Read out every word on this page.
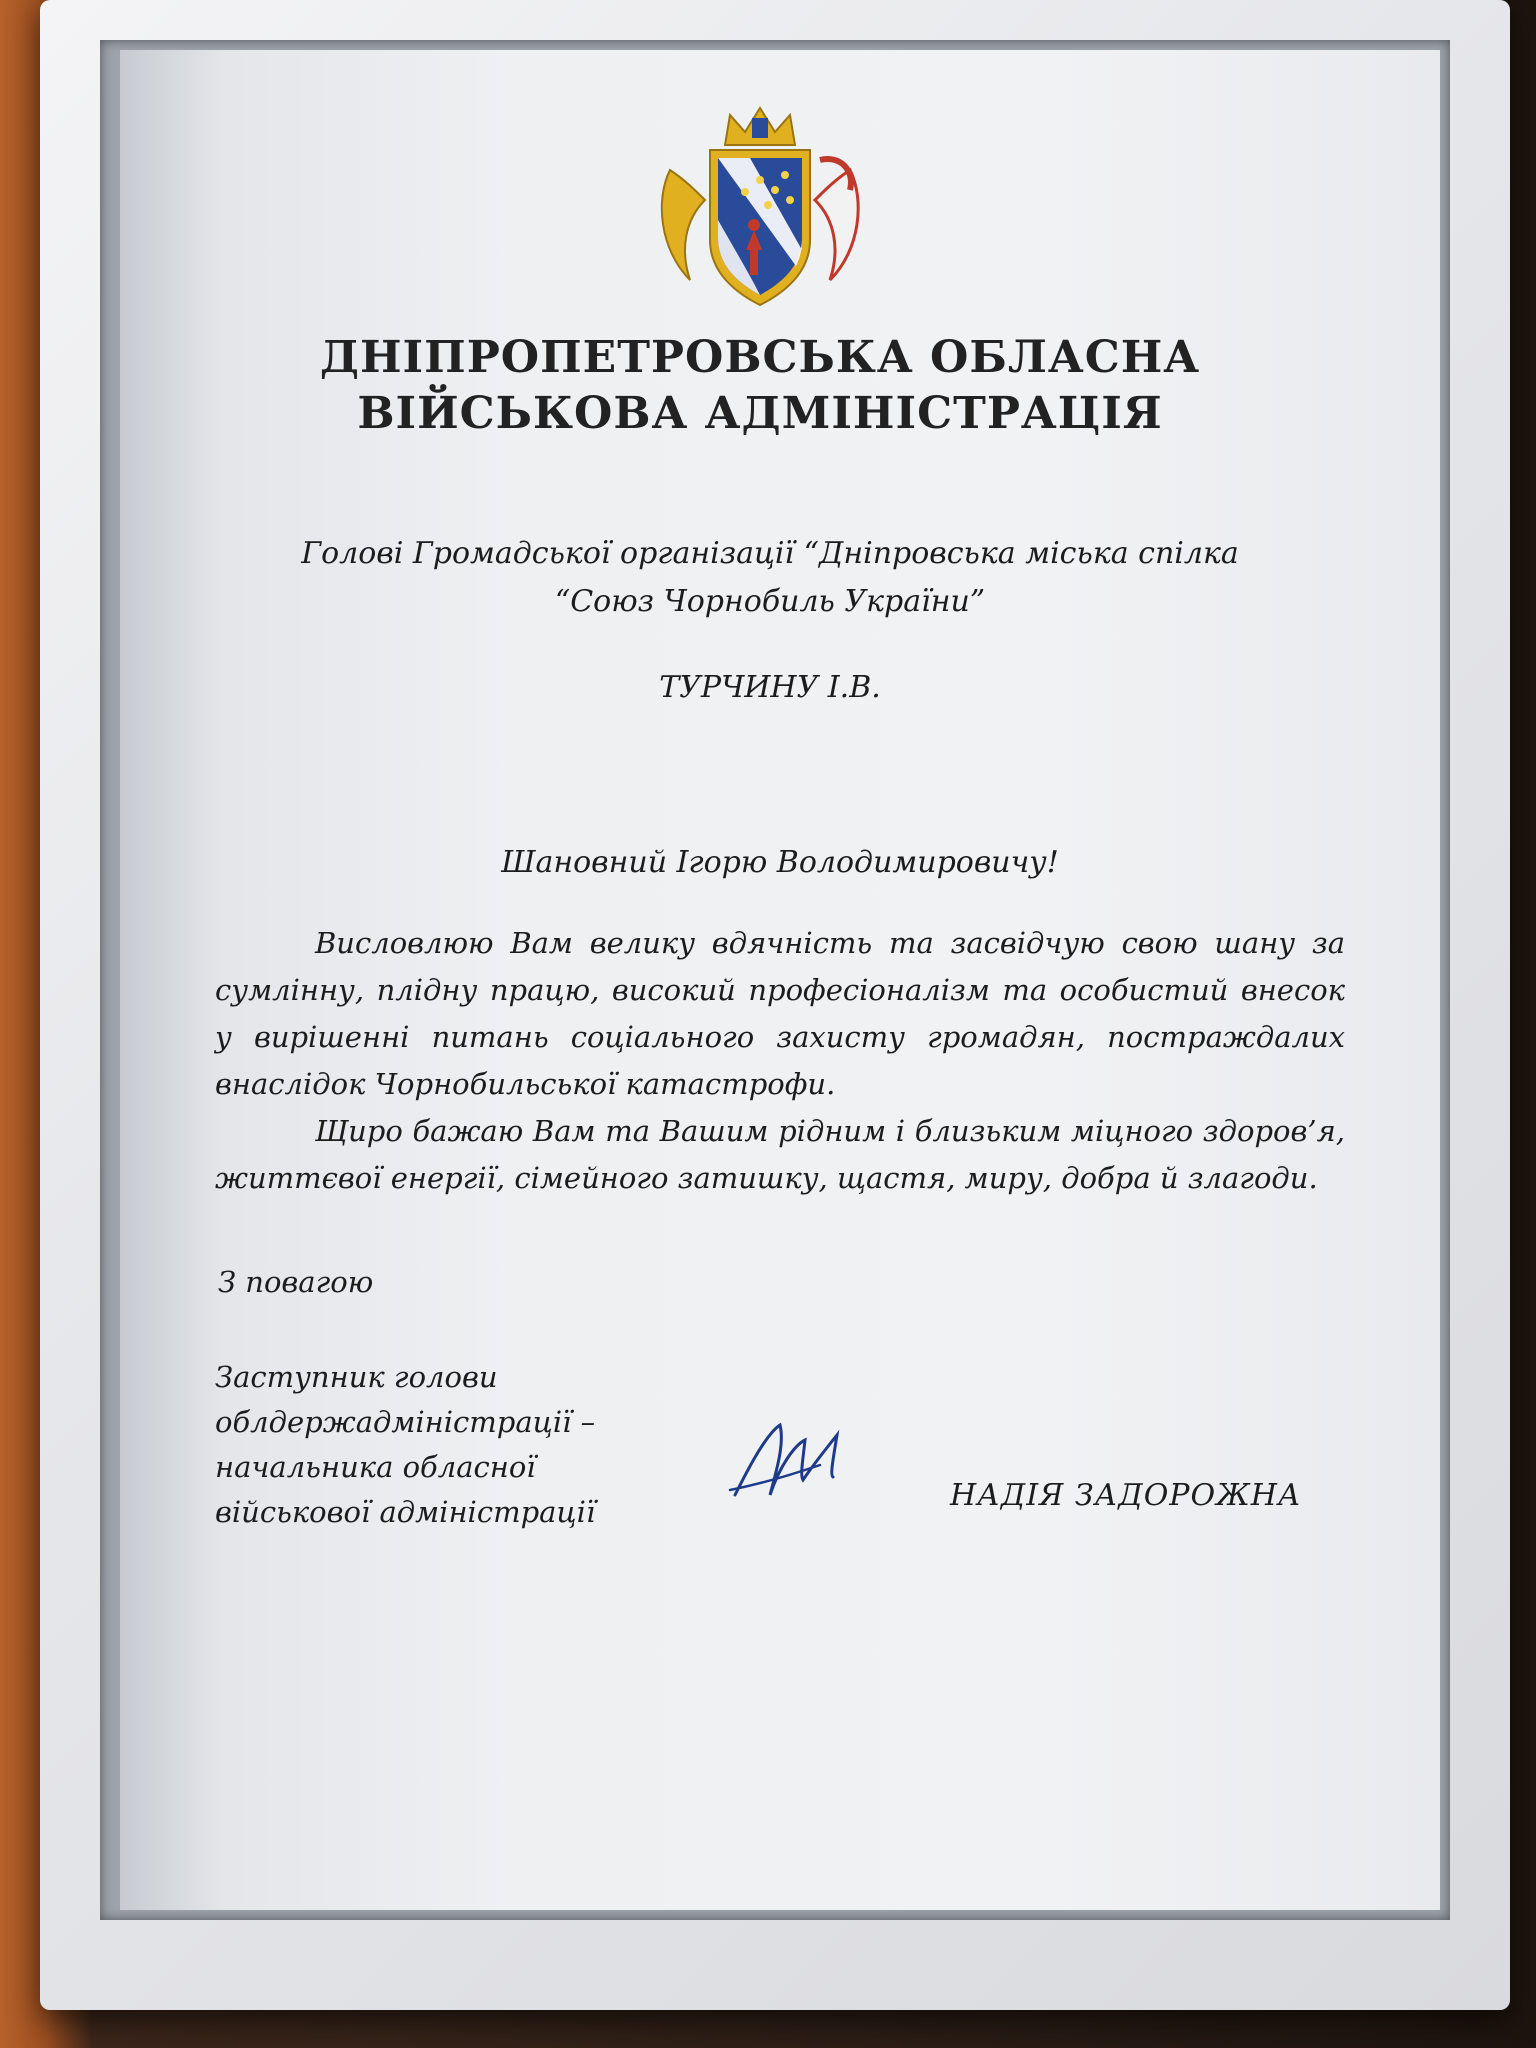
ДНІПРОПЕТРОВСЬКА ОБЛАСНА
ВІЙСЬКОВА АДМІНІСТРАЦІЯ
Голові Громадської організації “Дніпровська міська спілка
“Союз Чорнобиль України”
ТУРЧИНУ І.В.
Шановний Ігорю Володимировичу!

Висловлюю Вам велику вдячність та засвідчую свою шану за сумлінну, плідну працю, високий професіоналізм та особистий внесок у вирішенні питань соціального захисту громадян, постраждалих внаслідок Чорнобильської катастрофи.

Щиро бажаю Вам та Вашим рідним і близьким міцного здоров’я, життєвої енергії, сімейного затишку, щастя, миру, добра й злагоди.

З повагою
Заступник голови
облдержадміністрації –
начальника обласної
військової адміністрації	НАДІЯ ЗАДОРОЖНА
